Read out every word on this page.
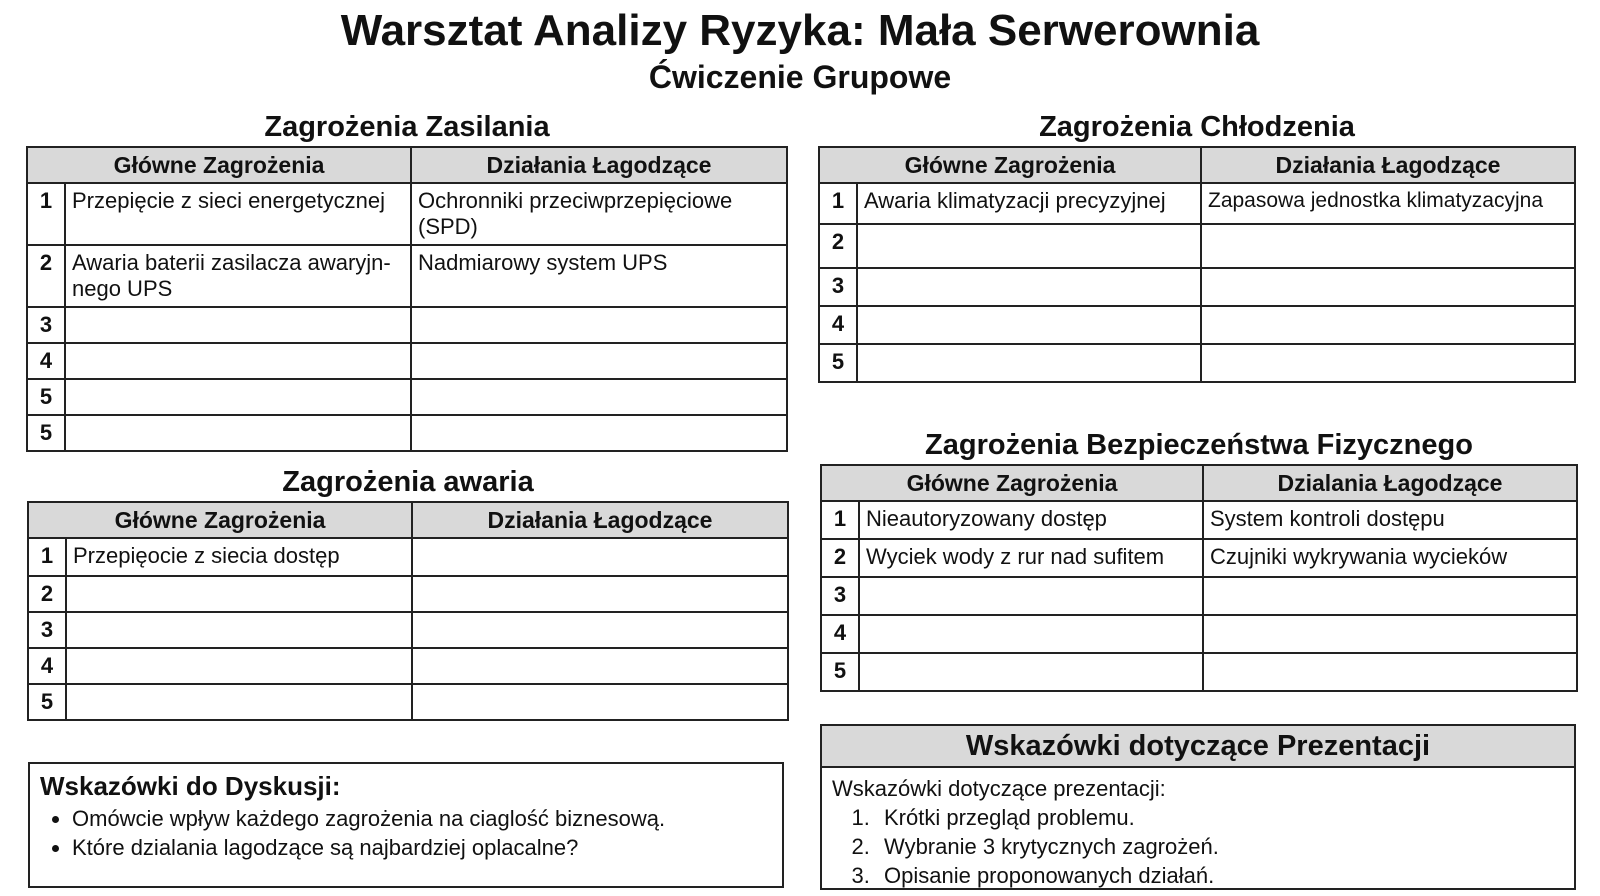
Warsztat Analizy Ryzyka: Mała Serwerownia
Ćwiczenie Grupowe
Zagrożenia Zasilania
Główne Zagrożenia		Działania Łagodzące
1	Przepięcie z sieci energetycznej	Ochronniki przeciwprzepięciowe (SPD)
2	Awaria baterii zasilacza awaryjn-nego UPS	Nadmiarowy system UPS
3		
4		
5		
5		
Zagrożenia awaria
Główne Zagrożenia		Działania Łagodzące
1	Przepięocie z siecia dostęp	
2		
3		
4		
5		
Zagrożenia Chłodzenia
Główne Zagrożenia		Działania Łagodzące
1	Awaria klimatyzacji precyzyjnej	Zapasowa jednostka klimatyzacyjna
2		
3		
4		
5		
Zagrożenia Bezpieczeństwa Fizycznego
Główne Zagrożenia		Dzialania Łagodzące
1	Nieautoryzowany dostęp	System kontroli dostępu
2	Wyciek wody z rur nad sufitem	Czujniki wykrywania wycieków
3		
4		
5		
Wskazówki do Dyskusji:
• Omówcie wpływ każdego zagrożenia na ciaglość biznesową.
• Które dzialania lagodzące są najbardziej oplacalne?
Wskazówki dotyczące Prezentacji
Wskazówki dotyczące prezentacji:
1. Krótki przegląd problemu.
2. Wybranie 3 krytycznych zagrożeń.
3. Opisanie proponowanych działań.
